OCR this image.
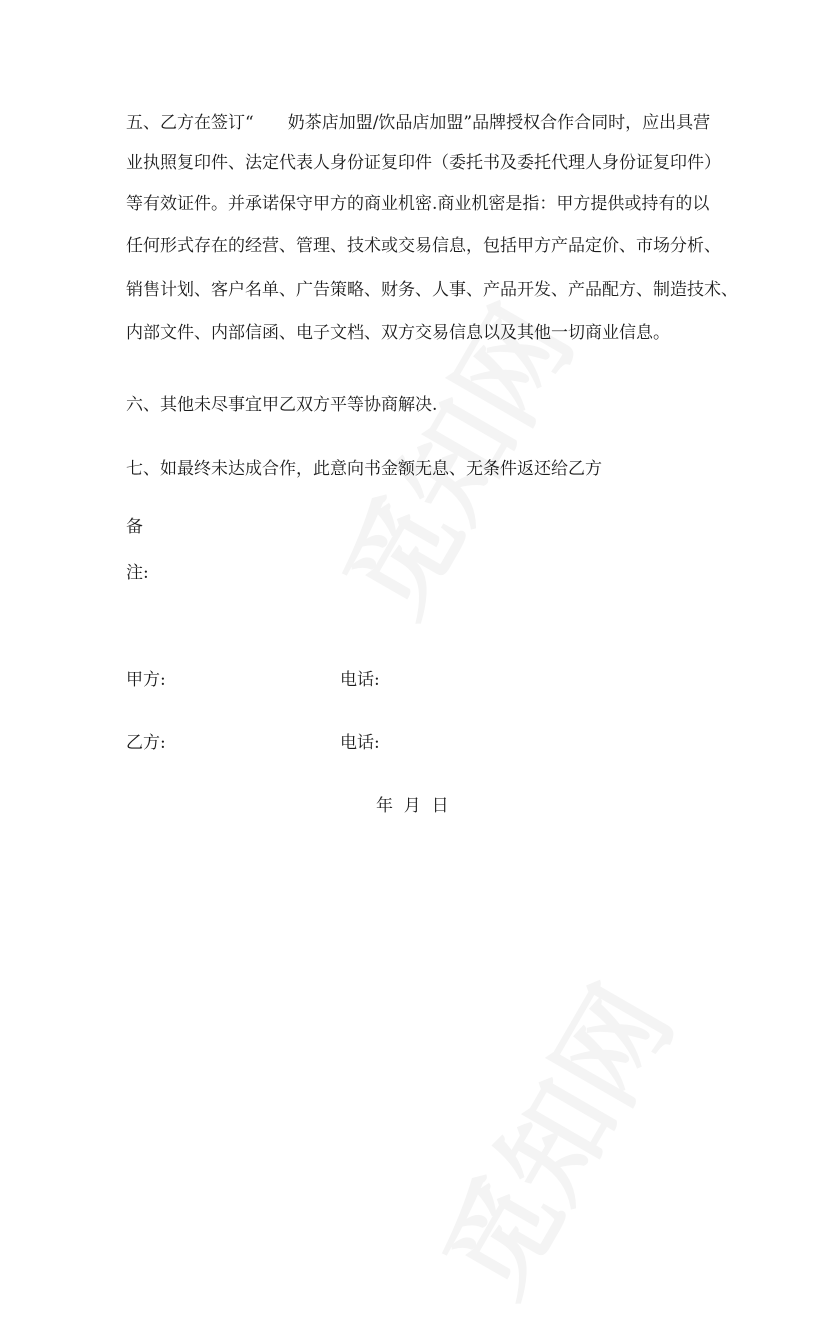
五、乙方在签订“　　奶茶店加盟/饮品店加盟”品牌授权合作合同时，应出具营
业执照复印件、法定代表人身份证复印件（委托书及委托代理人身份证复印件）
等有效证件。并承诺保守甲方的商业机密.商业机密是指：甲方提供或持有的以
任何形式存在的经营、管理、技术或交易信息，包括甲方产品定价、市场分析、
销售计划、客户名单、广告策略、财务、人事、产品开发、产品配方、制造技术、
内部文件、内部信函、电子文档、双方交易信息以及其他一切商业信息。
六、其他未尽事宜甲乙双方平等协商解决.
七、如最终未达成合作，此意向书金额无息、无条件返还给乙方
备
注:
甲方:	电话:
乙方:	电话:
年  月  日
